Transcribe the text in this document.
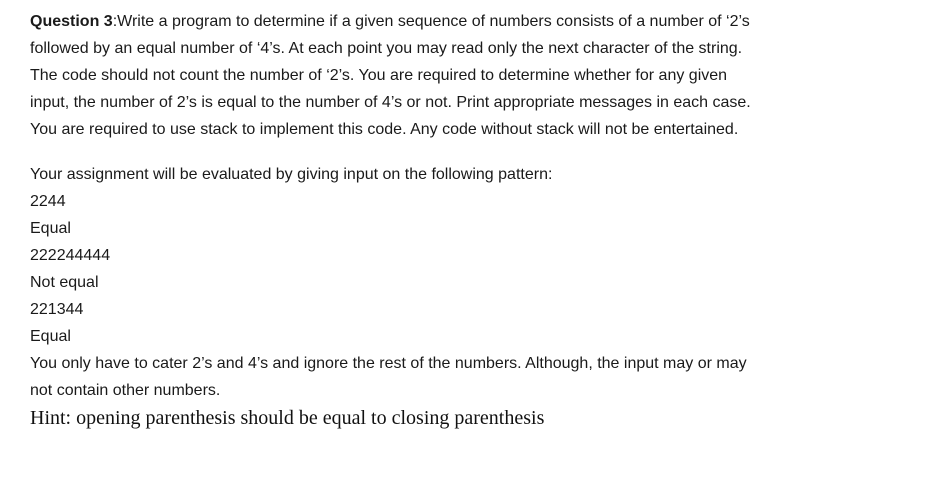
Question 3:Write a program to determine if a given sequence of numbers consists of a number of ‘2’s

followed by an equal number of ‘4’s. At each point you may read only the next character of the string.

The code should not count the number of ‘2’s. You are required to determine whether for any given

input, the number of 2’s is equal to the number of 4’s or not. Print appropriate messages in each case.

You are required to use stack to implement this code. Any code without stack will not be entertained.

Your assignment will be evaluated by giving input on the following pattern:

2244

Equal

222244444

Not equal

221344

Equal

You only have to cater 2’s and 4’s and ignore the rest of the numbers. Although, the input may or may

not contain other numbers.

Hint: opening parenthesis should be equal to closing parenthesis
